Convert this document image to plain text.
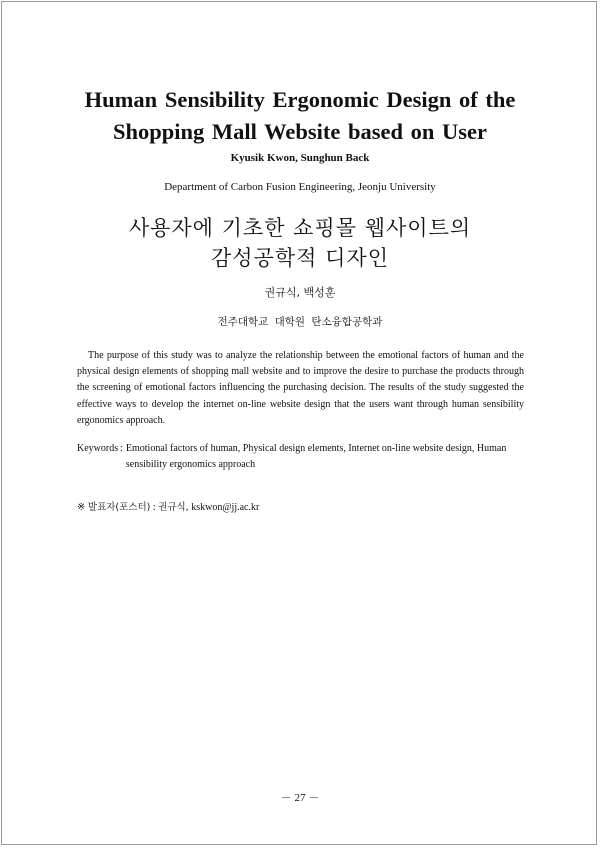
Human Sensibility Ergonomic Design of the
Shopping Mall Website based on User
Kyusik Kwon, Sunghun Back
Department of Carbon Fusion Engineering, Jeonju University
사용자에 기초한 쇼핑몰 웹사이트의
감성공학적 디자인
권규식, 백성훈
전주대학교 대학원 탄소융합공학과

The purpose of this study was to analyze the relationship between the emotional factors of human and the physical design elements of shopping mall website and to improve the desire to purchase the products through the screening of emotional factors influencing the purchasing decision. The results of the study suggested the effective ways to develop the internet on-line website design that the users want through human sensibility ergonomics approach.

Keywords : Emotional factors of human, Physical design elements, Internet on-line website design, Human sensibility ergonomics approach
※ 발표자(포스터) : 권규식, kskwon@jj.ac.kr
－ 27 －
